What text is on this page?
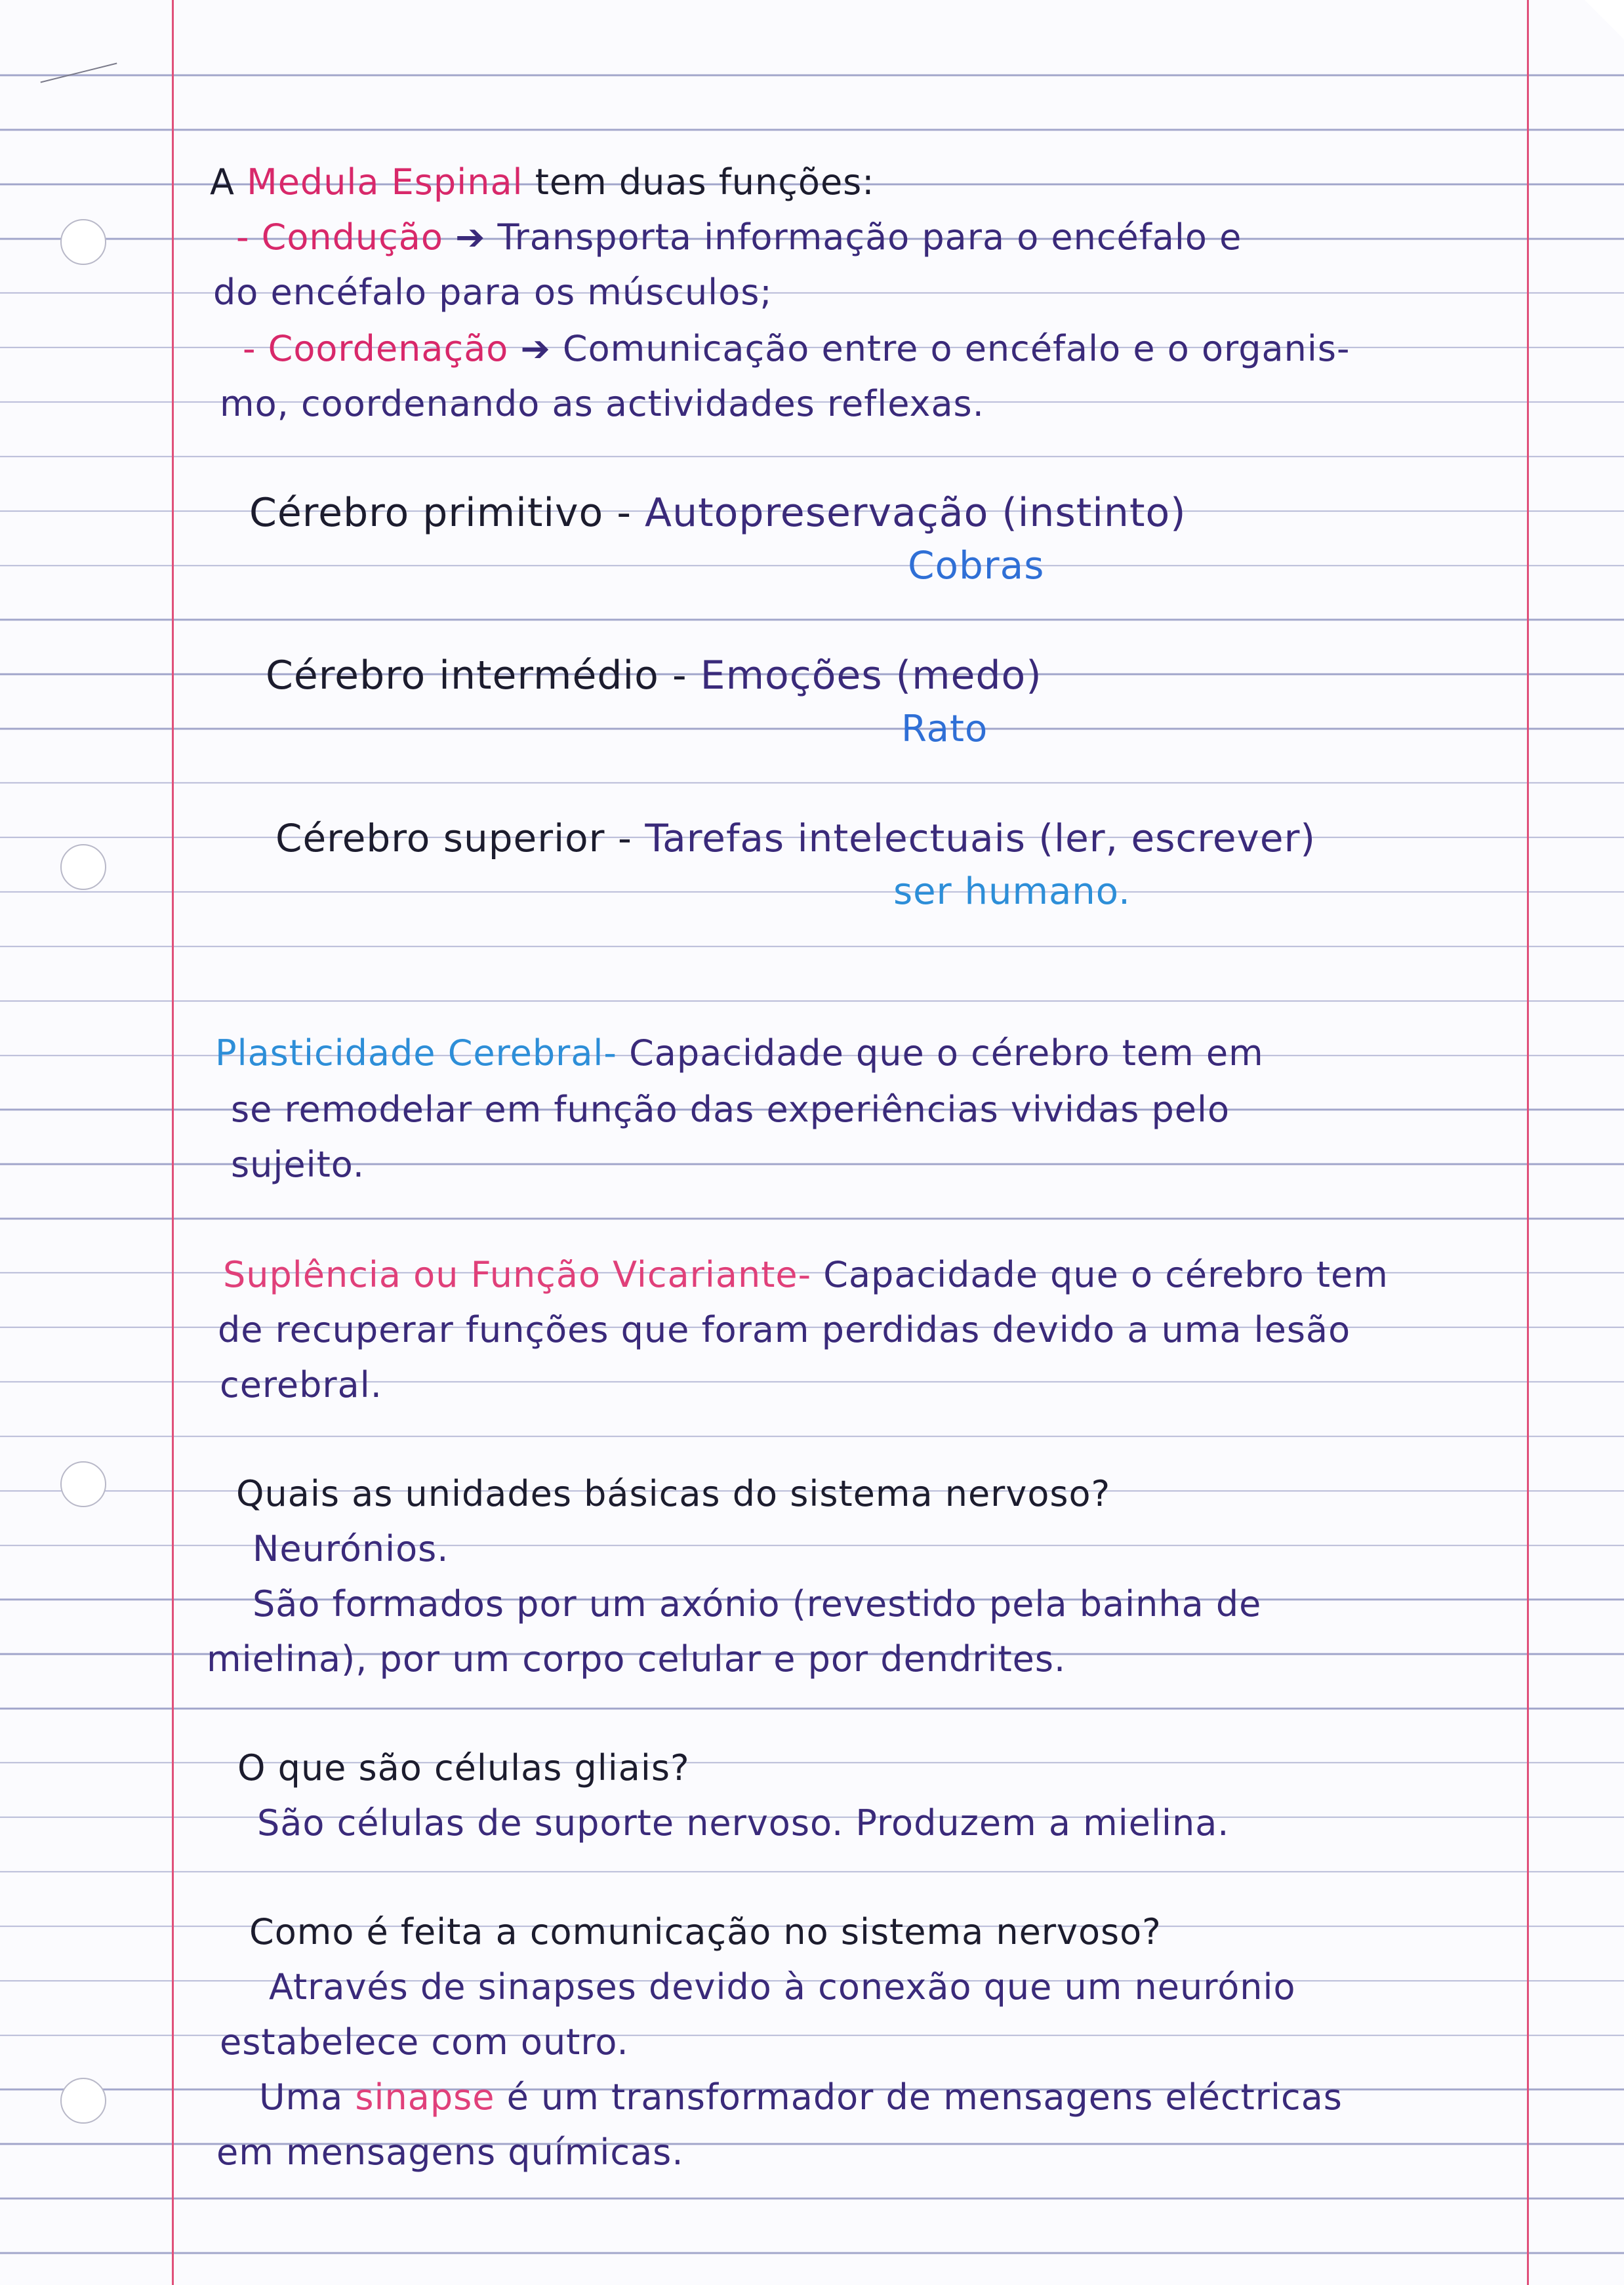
A Medula Espinal tem duas funções:
- Condução ➔ Transporta informação para o encéfalo e
do encéfalo para os músculos;
- Coordenação ➔ Comunicação entre o encéfalo e o organis-
mo, coordenando as actividades reflexas.
Cérebro primitivo - Autopreservação (instinto)
Cobras
Cérebro intermédio - Emoções (medo)
Rato
Cérebro superior - Tarefas intelectuais (ler, escrever)
ser humano.
Plasticidade Cerebral- Capacidade que o cérebro tem em
se remodelar em função das experiências vividas pelo
sujeito.
Suplência ou Função Vicariante- Capacidade que o cérebro tem
de recuperar funções que foram perdidas devido a uma lesão
cerebral.
Quais as unidades básicas do sistema nervoso?
Neurónios.
São formados por um axónio (revestido pela bainha de
mielina), por um corpo celular e por dendrites.
O que são células gliais?
São células de suporte nervoso. Produzem a mielina.
Como é feita a comunicação no sistema nervoso?
Através de sinapses devido à conexão que um neurónio
estabelece com outro.
Uma sinapse é um transformador de mensagens eléctricas
em mensagens químicas.
